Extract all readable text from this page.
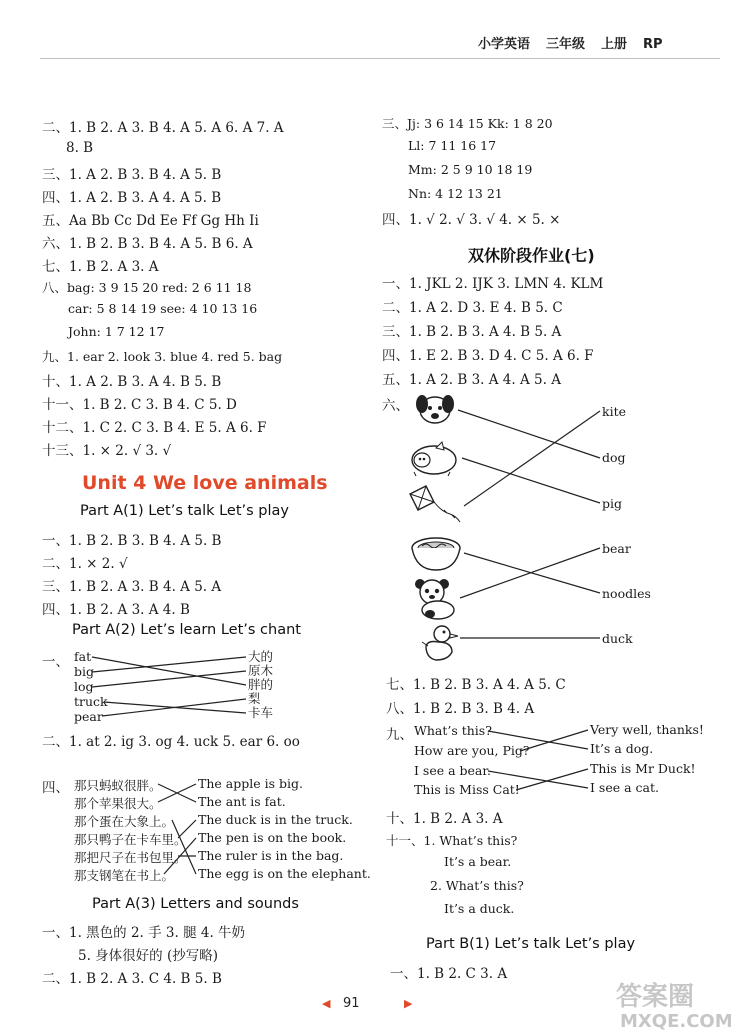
小学英语 三年级 上册 RP
二、1. B 2. A 3. B 4. A 5. A 6. A 7. A
8. B
三、1. A 2. B 3. B 4. A 5. B
四、1. A 2. B 3. A 4. A 5. B
五、Aa Bb Cc Dd Ee Ff Gg Hh Ii
六、1. B 2. B 3. B 4. A 5. B 6. A
七、1. B 2. A 3. A
八、bag: 3 9 15 20 red: 2 6 11 18
car: 5 8 14 19 see: 4 10 13 16
John: 1 7 12 17
九、1. ear 2. look 3. blue 4. red 5. bag
十、1. A 2. B 3. A 4. B 5. B
十一、1. B 2. C 3. B 4. C 5. D
十二、1. C 2. C 3. B 4. E 5. A 6. F
十三、1. × 2. √ 3. √
Unit 4 We love animals
Part A(1) Let’s talk Let’s play
一、1. B 2. B 3. B 4. A 5. B
二、1. × 2. √
三、1. B 2. A 3. B 4. A 5. A
四、1. B 2. A 3. A 4. B
Part A(2) Let’s learn Let’s chant
一、 fat
big
log
truck
pear
大的
原木
胖的
梨
卡车
二、1. at 2. ig 3. og 4. uck 5. ear 6. oo
四、 那只蚂蚁很胖。
那个苹果很大。
那个蛋在大象上。
那只鸭子在卡车里。
那把尺子在书包里。
那支钢笔在书上。
The apple is big.
The ant is fat.
The duck is in the truck.
The pen is on the book.
The ruler is in the bag.
The egg is on the elephant.
Part A(3) Letters and sounds
一、1. 黑色的 2. 手 3. 腿 4. 牛奶
5. 身体很好的 (抄写略)
二、1. B 2. A 3. C 4. B 5. B
三、Jj: 3 6 14 15 Kk: 1 8 20
Ll: 7 11 16 17
Mm: 2 5 9 10 18 19
Nn: 4 12 13 21
四、1. √ 2. √ 3. √ 4. × 5. ×
双休阶段作业(七)
一、1. JKL 2. IJK 3. LMN 4. KLM
二、1. A 2. D 3. E 4. B 5. C
三、1. B 2. B 3. A 4. B 5. A
四、1. E 2. B 3. D 4. C 5. A 6. F
五、1. A 2. B 3. A 4. A 5. A
六、	kite
dog
pig
bear
noodles
duck
七、1. B 2. B 3. A 4. A 5. C
八、1. B 2. B 3. B 4. A
九、 What’s this?
How are you, Pig?
I see a bear.
This is Miss Cat!
Very well, thanks!
It’s a dog.
This is Mr Duck!
I see a cat.
十、1. B 2. A 3. A
十一、1. What’s this?
It’s a bear.
2. What’s this?
It’s a duck.
Part B(1) Let’s talk Let’s play
一、1. B 2. C 3. A
◀ 91	▶	答案圈
MXQE.COM
